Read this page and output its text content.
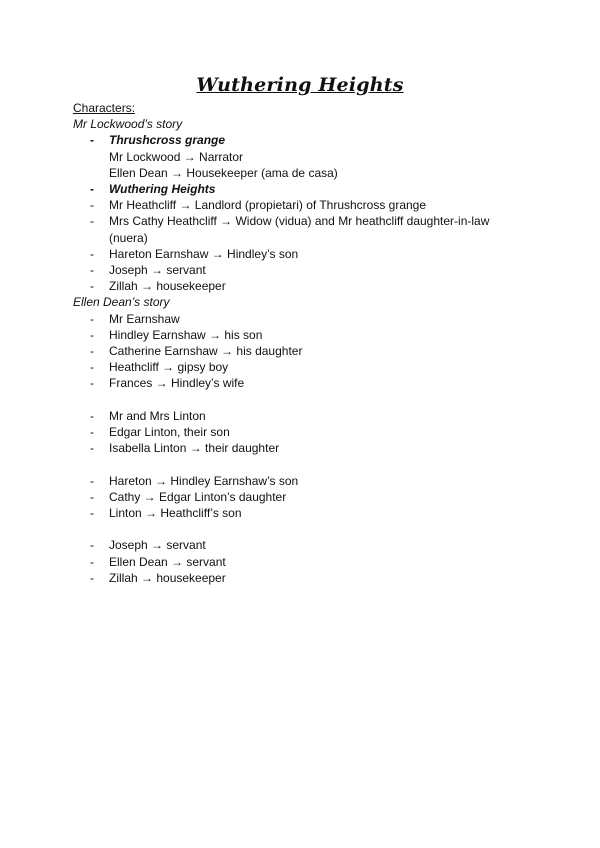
Wuthering Heights
Characters:
Mr Lockwood’s story
-	Thrushcross grange
Mr Lockwood → Narrator
Ellen Dean → Housekeeper (ama de casa)
-	Wuthering Heights
-	Mr Heathcliff → Landlord (propietari) of Thrushcross grange
-	Mrs Cathy Heathcliff → Widow (vidua) and Mr heathcliff daughter-in-law (nuera)
-	Hareton Earnshaw → Hindley’s son
-	Joseph → servant
-	Zillah → housekeeper
Ellen Dean’s story
-	Mr Earnshaw
-	Hindley Earnshaw → his son
-	Catherine Earnshaw → his daughter
-	Heathcliff → gipsy boy
-	Frances → Hindley’s wife
-	Mr and Mrs Linton
-	Edgar Linton, their son
-	Isabella Linton → their daughter
-	Hareton → Hindley Earnshaw’s son
-	Cathy → Edgar Linton’s daughter
-	Linton → Heathcliff’s son
-	Joseph → servant
-	Ellen Dean → servant
-	Zillah → housekeeper
